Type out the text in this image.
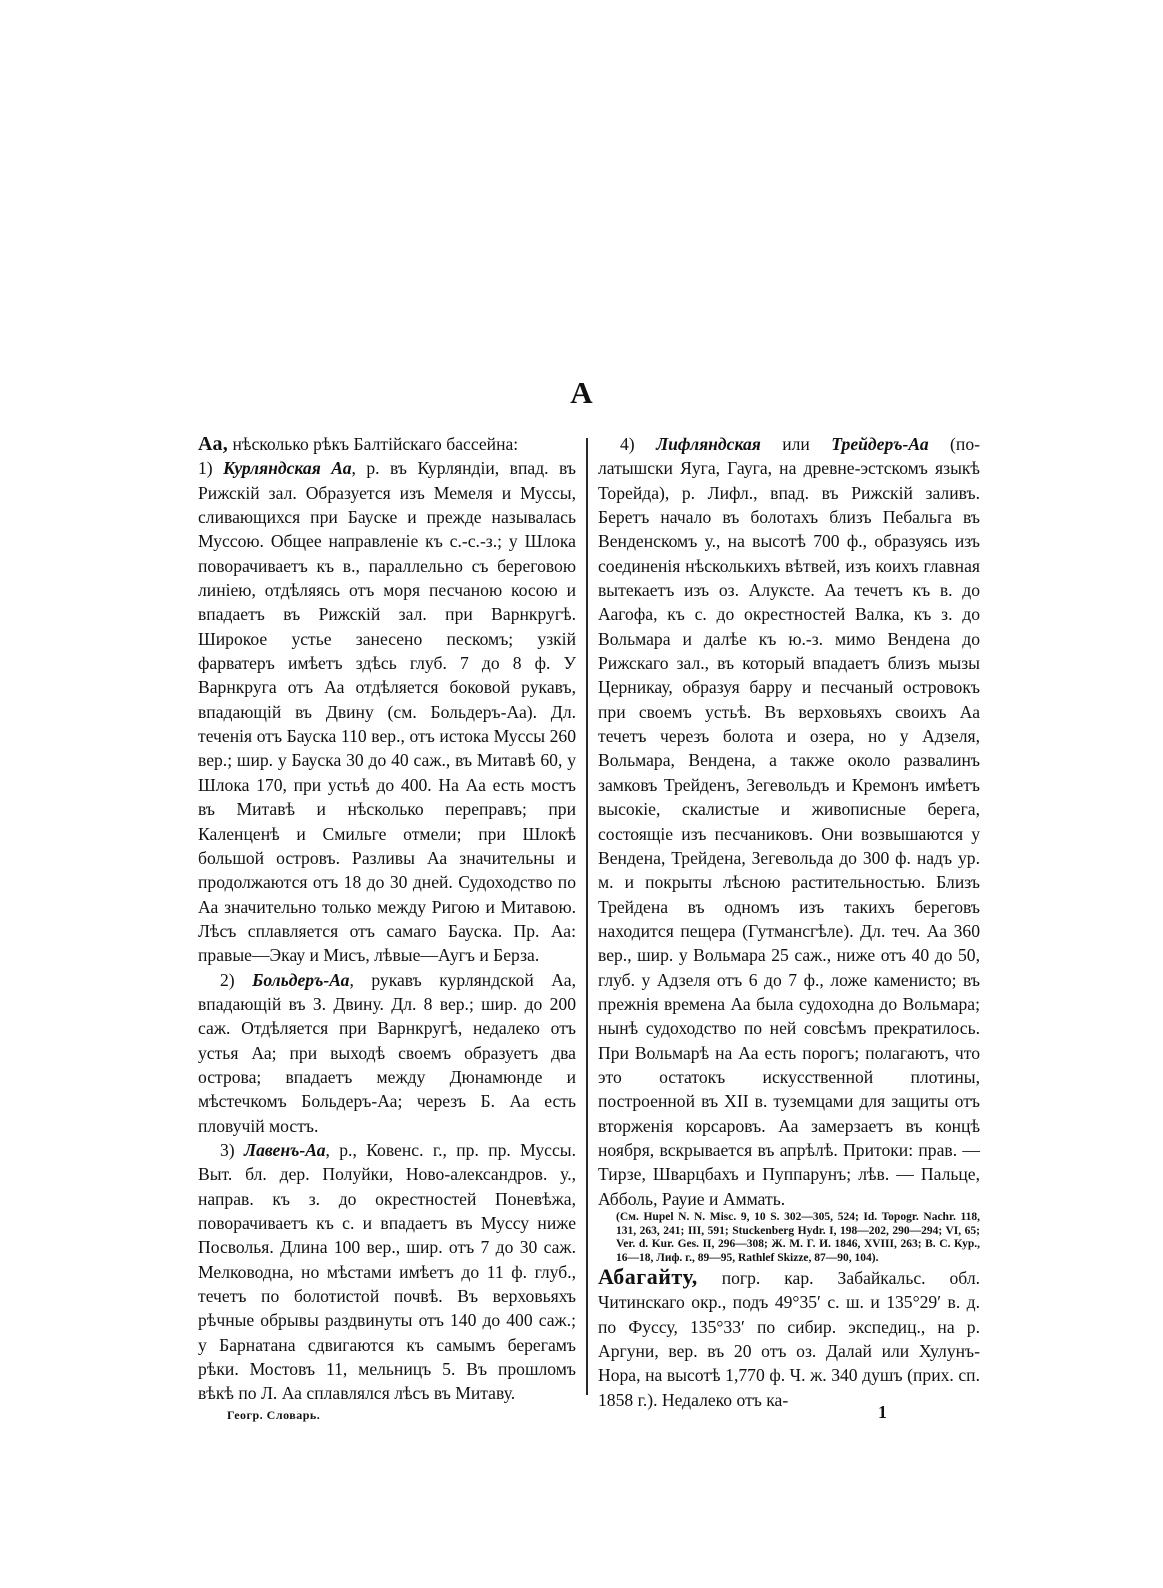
А

Аа, нѣсколько рѣкъ Балтійскаго бассейна:
1) Курляндская Аа, р. въ Курляндіи, впад. въ Рижскій зал. Образуется изъ Мемеля и Муссы, сливающихся при Бауске и прежде называлась Муссою. Общее направленіе къ с.-с.-з.; у Шлока поворачиваетъ къ в., параллельно съ береговою линіею, отдѣляясь отъ моря песчаною косою и впадаетъ въ Рижскій зал. при Варнкругѣ. Широкое устье занесено пескомъ; узкій фарватеръ имѣетъ здѣсь глуб. 7 до 8 ф. У Варнкруга отъ Аа отдѣляется боковой рукавъ, впадающій въ Двину (см. Больдеръ-Аа). Дл. теченія отъ Бауска 110 вер., отъ истока Муссы 260 вер.; шир. у Бауска 30 до 40 саж., въ Митавѣ 60, у Шлока 170, при устьѣ до 400. На Аа есть мостъ въ Митавѣ и нѣсколько переправъ; при Каленценѣ и Смильге отмели; при Шлокѣ большой островъ. Разливы Аа значительны и продолжаются отъ 18 до 30 дней. Судоходство по Аа значительно только между Ригою и Митавою. Лѣсъ сплавляется отъ самаго Бауска. Пр. Аа: правые—Экау и Мисъ, лѣвые—Аугъ и Берза.

2) Больдеръ-Аа, рукавъ курляндской Аа, впадающій въ З. Двину. Дл. 8 вер.; шир. до 200 саж. Отдѣляется при Варнкругѣ, недалеко отъ устья Аа; при выходѣ своемъ образуетъ два острова; впадаетъ между Дюнамюнде и мѣстечкомъ Больдеръ-Аа; черезъ Б. Аа есть пловучій мостъ.

3) Лавенъ-Аа, р., Ковенс. г., пр. пр. Муссы. Выт. бл. дер. Полуйки, Ново-александров. у., направ. къ з. до окрестностей Поневѣжа, поворачиваетъ къ с. и впадаетъ въ Муссу ниже Посволья. Длина 100 вер., шир. отъ 7 до 30 саж. Мелководна, но мѣстами имѣетъ до 11 ф. глуб., течетъ по болотистой почвѣ. Въ верховьяхъ рѣчные обрывы раздвинуты отъ 140 до 400 саж.; у Барнатана сдвигаются къ самымъ берегамъ рѣки. Мостовъ 11, мельницъ 5. Въ прошломъ вѣкѣ по Л. Аа сплавлялся лѣсъ въ Митаву.

4) Лифляндская или Трейдеръ-Аа (по-латышски Яуга, Гауга, на древне-эстскомъ языкѣ Торейда), р. Лифл., впад. въ Рижскій заливъ. Беретъ начало въ болотахъ близъ Пебальга въ Венденскомъ у., на высотѣ 700 ф., образуясь изъ соединенія нѣсколькихъ вѣтвей, изъ коихъ главная вытекаетъ изъ оз. Алуксте. Аа течетъ къ в. до Аагофа, къ с. до окрестностей Валка, къ з. до Вольмара и далѣе къ ю.-з. мимо Вендена до Рижскаго зал., въ который впадаетъ близъ мызы Церникау, образуя барру и песчаный островокъ при своемъ устьѣ. Въ верховьяхъ своихъ Аа течетъ черезъ болота и озера, но у Адзеля, Вольмара, Вендена, а также около развалинъ замковъ Трейденъ, Зегевольдъ и Кремонъ имѣетъ высокіе, скалистые и живописные берега, состоящіе изъ песчаниковъ. Они возвышаются у Вендена, Трейдена, Зегевольда до 300 ф. надъ ур. м. и покрыты лѣсною растительностью. Близъ Трейдена въ одномъ изъ такихъ береговъ находится пещера (Гутмансгѣле). Дл. теч. Аа 360 вер., шир. у Вольмара 25 саж., ниже отъ 40 до 50, глуб. у Адзеля отъ 6 до 7 ф., ложе каменисто; въ прежнія времена Аа была судоходна до Вольмара; нынѣ судоходство по ней совсѣмъ прекратилось. При Вольмарѣ на Аа есть порогъ; полагаютъ, что это остатокъ искусственной плотины, построенной въ XII в. туземцами для защиты отъ вторженія корсаровъ. Аа замерзаетъ въ концѣ ноября, вскрывается въ апрѣлѣ. Притоки: прав. — Тирзе, Шварцбахъ и Пуппарунъ; лѣв. — Пальце, Абболь, Рауие и Аммать.

(См. Hupel N. N. Misc. 9, 10 S. 302—305, 524; Id. Topogr. Nachr. 118, 131, 263, 241; III, 591; Stuckenberg Hydr. I, 198—202, 290—294; VI, 65; Ver. d. Kur. Ges. II, 296—308; Ж. М. Г. И. 1846, XVIII, 263; В. С. Кур., 16—18, Лиф. г., 89—95, Rathlef Skizze, 87—90, 104).

Абагайту, погр. кар. Забайкальс. обл. Читинскаго окр., подъ 49°35′ с. ш. и 135°29′ в. д. по Фуссу, 135°33′ по сибир. экспедиц., на р. Аргуни, вер. въ 20 отъ оз. Далай или Хулунъ-Нора, на высотѣ 1,770 ф. Ч. ж. 340 душъ (прих. сп. 1858 г.). Недалеко отъ ка-

Геогр. Словарь.	1
